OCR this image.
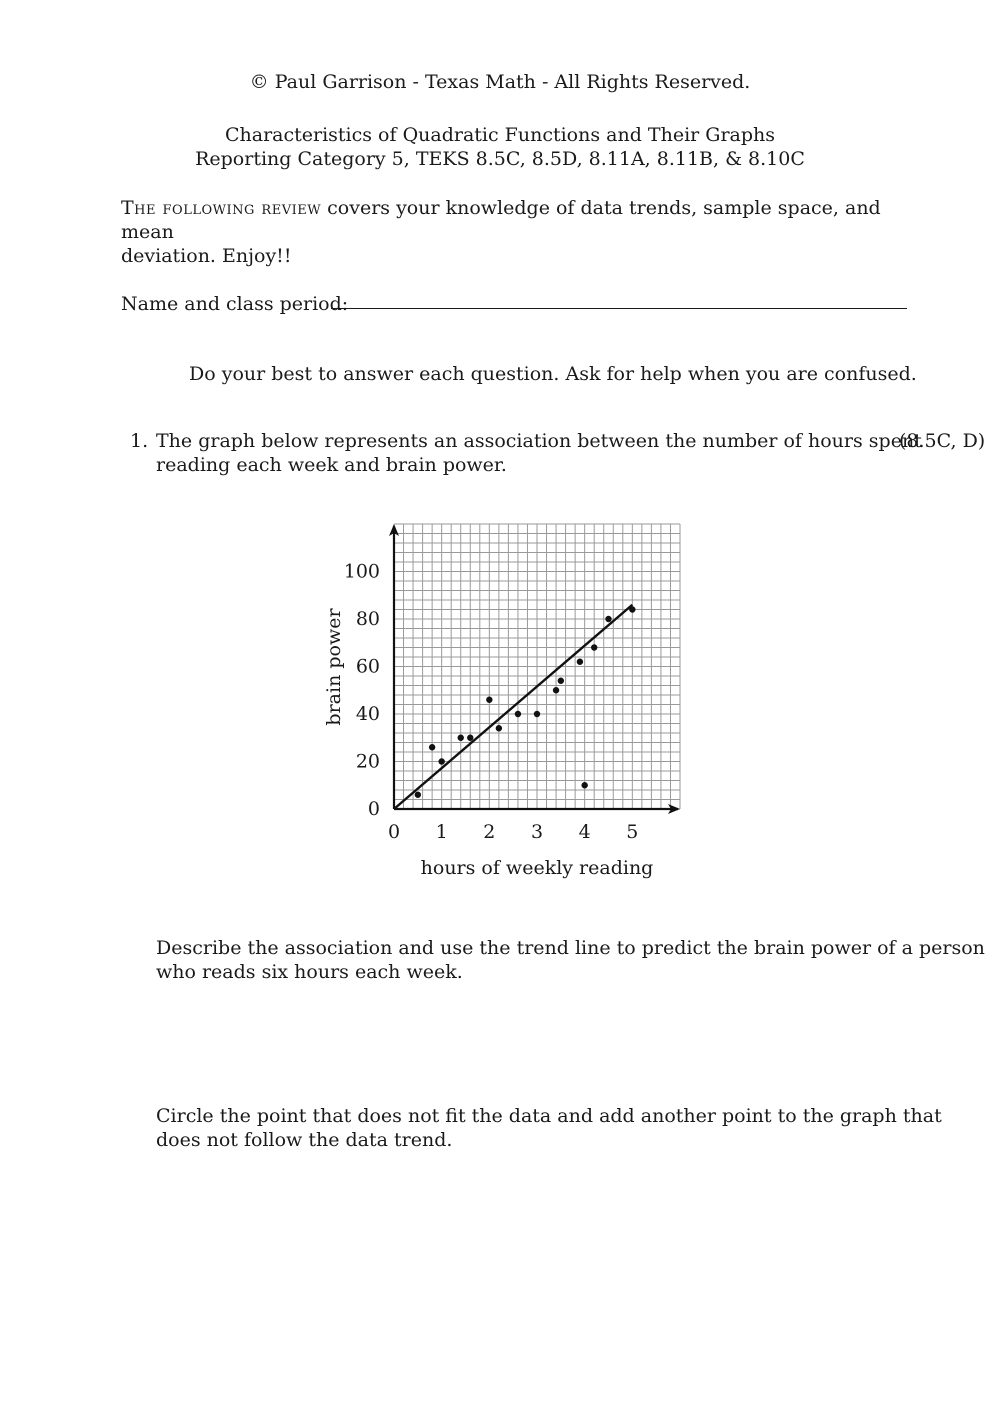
© Paul Garrison - Texas Math - All Rights Reserved.
Characteristics of Quadratic Functions and Their Graphs
Reporting Category 5, TEKS 8.5C, 8.5D, 8.11A, 8.11B, & 8.10C
The following review covers your knowledge of data trends, sample space, and mean
deviation. Enjoy!!
Name and class period:
Do your best to answer each question. Ask for help when you are confused.
1. The graph below represents an association between the number of hours spent
reading each week and brain power.
(8.5C, D)
0 1 2 3 4 5
0
20
40
60
80
100
hours of weekly reading
brain power
Describe the association and use the trend line to predict the brain power of a person
who reads six hours each week.
Circle the point that does not fit the data and add another point to the graph that
does not follow the data trend.
